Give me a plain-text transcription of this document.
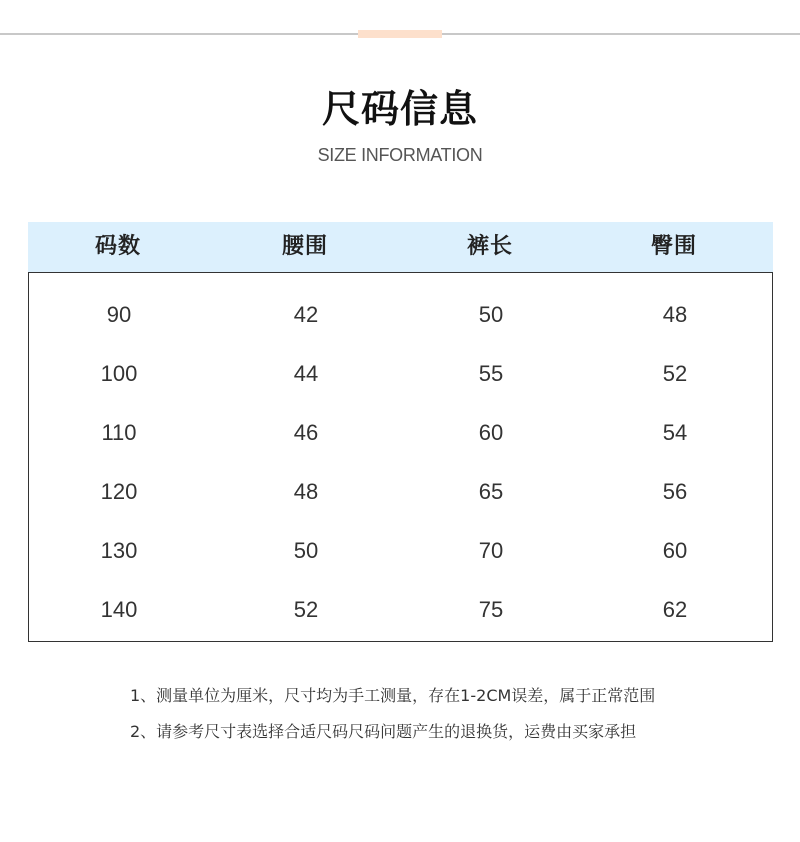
尺码信息
SIZE INFORMATION
码数	腰围	裤长	臀围
90	42	50	48
100	44	55	52
110	46	60	54
120	48	65	56
130	50	70	60
140	52	75	62
1、测量单位为厘米，尺寸均为手工测量，存在1-2CM误差，属于正常范围
2、请参考尺寸表选择合适尺码尺码问题产生的退换货，运费由买家承担
